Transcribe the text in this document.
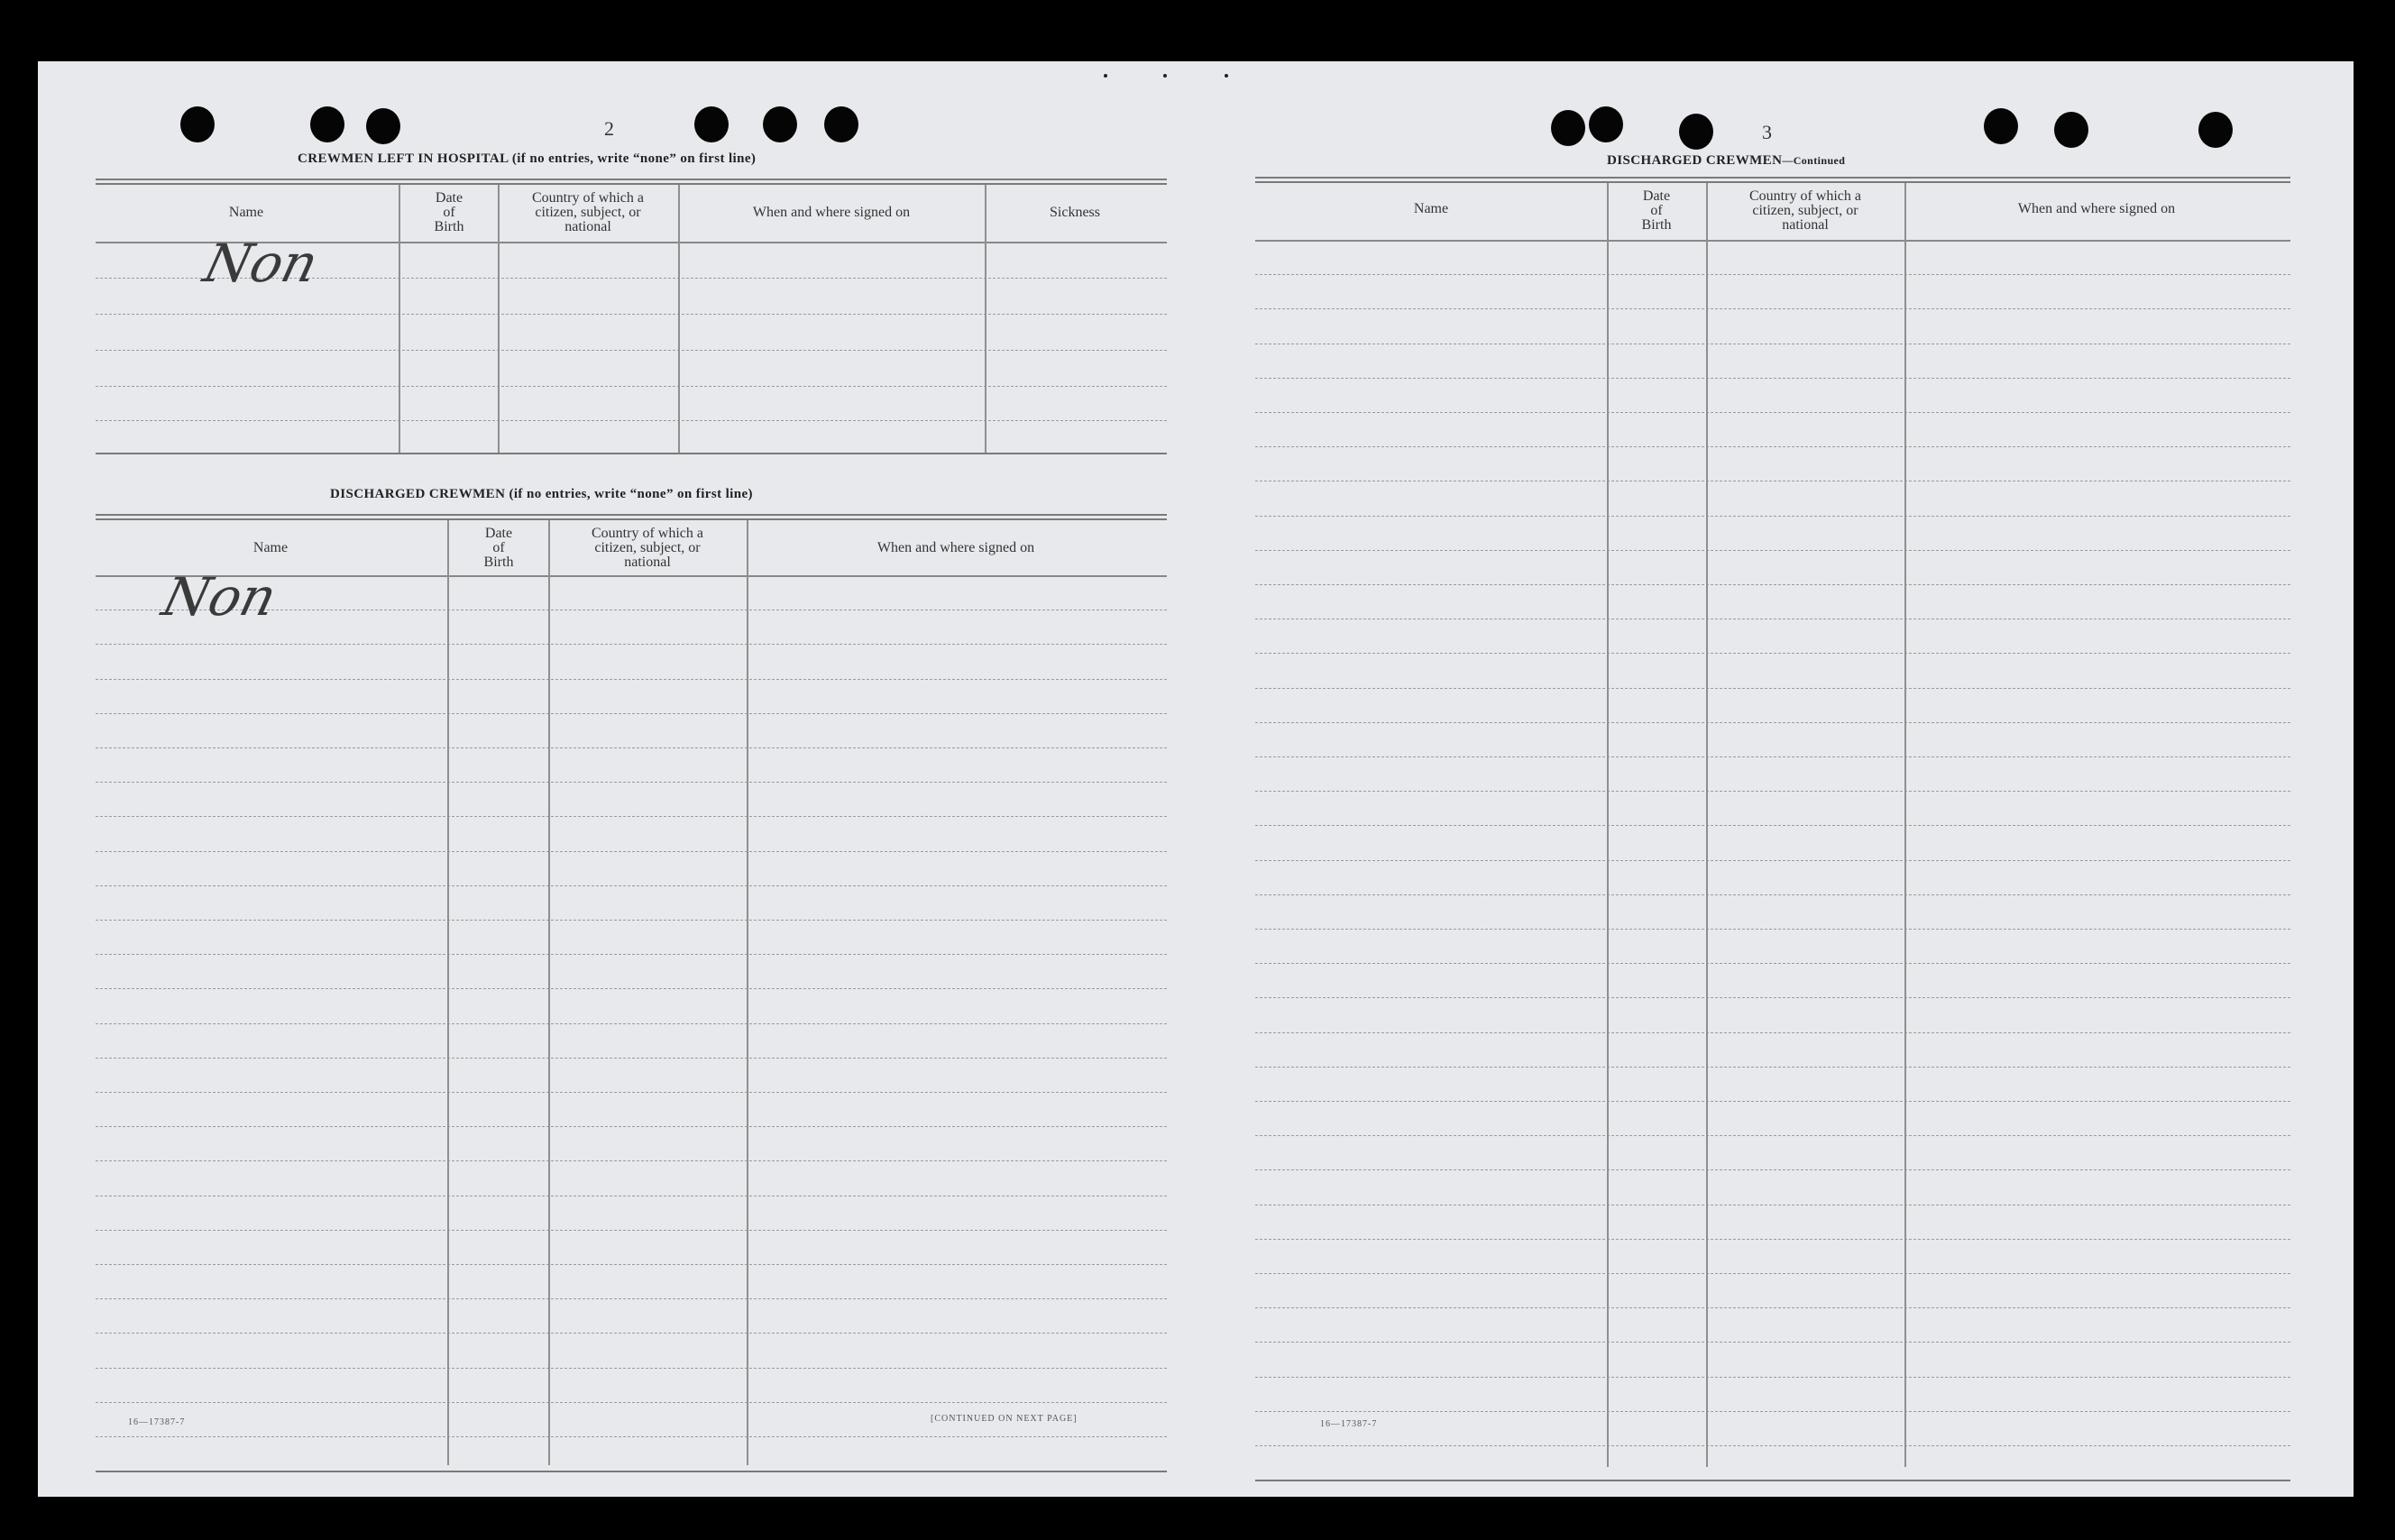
2
CREWMEN LEFT IN HOSPITAL (if no entries, write “none” on first line)
Name
Date
of
Birth
Country of which a
citizen, subject, or
national
When and where signed on	Sickness
Non
DISCHARGED CREWMEN (if no entries, write “none” on first line)
Name
Date
of
Birth
Country of which a
citizen, subject, or
national
When and where signed on
Non
16—17387-7	[CONTINUED ON NEXT PAGE]
3
DISCHARGED CREWMEN—Continued
Name
Date
of
Birth
Country of which a
citizen, subject, or
national
When and where signed on
16—17387-7
